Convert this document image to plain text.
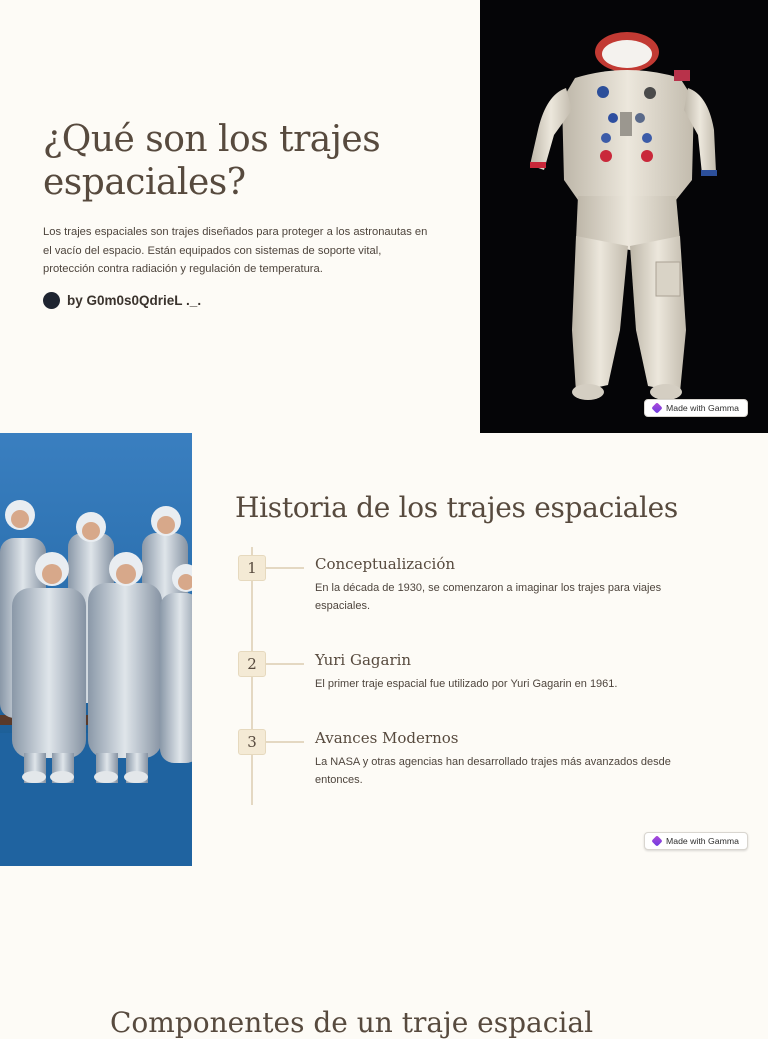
¿Qué son los trajes espaciales?

Los trajes espaciales son trajes diseñados para proteger a los astronautas en el vacío del espacio. Están equipados con sistemas de soporte vital, protección contra radiación y regulación de temperatura.

by G0m0s0QdrieL ._.
Made with Gamma
Historia de los trajes espaciales
1	Conceptualización

En la década de 1930, se comenzaron a imaginar los trajes para viajes espaciales.

2	Yuri Gagarin

El primer traje espacial fue utilizado por Yuri Gagarin en 1961.

3	Avances Modernos

La NASA y otras agencias han desarrollado trajes más avanzados desde entonces.

Made with Gamma
Componentes de un traje espacial
